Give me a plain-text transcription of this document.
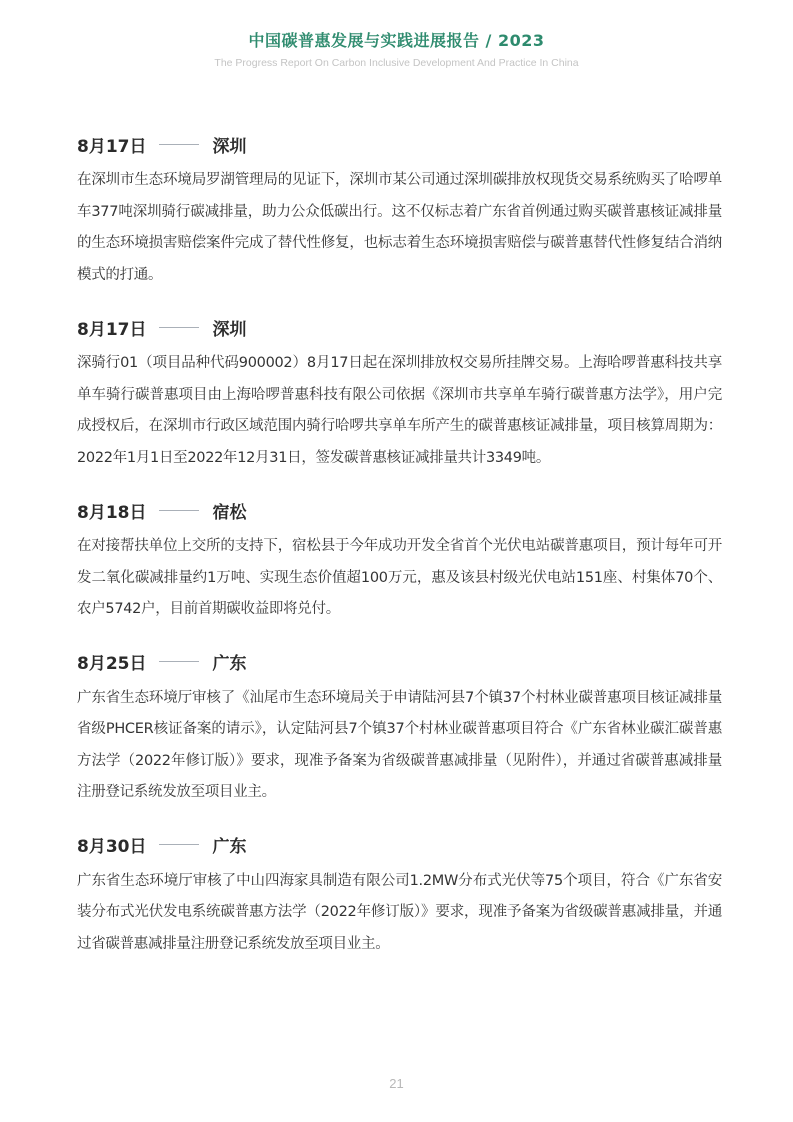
中国碳普惠发展与实践进展报告 / 2023
The Progress Report On Carbon Inclusive Development And Practice In China
8月17日	深圳
在深圳市生态环境局罗湖管理局的见证下，深圳市某公司通过深圳碳排放权现货交易系统购买了哈啰单车377吨深圳骑行碳减排量，助力公众低碳出行。这不仅标志着广东省首例通过购买碳普惠核证减排量的生态环境损害赔偿案件完成了替代性修复，也标志着生态环境损害赔偿与碳普惠替代性修复结合消纳模式的打通。
8月17日	深圳
深骑行01（项目品种代码900002）8月17日起在深圳排放权交易所挂牌交易。上海哈啰普惠科技共享单车骑行碳普惠项目由上海哈啰普惠科技有限公司依据《深圳市共享单车骑行碳普惠方法学》，用户完成授权后，在深圳市行政区域范围内骑行哈啰共享单车所产生的碳普惠核证减排量，项目核算周期为：2022年1月1日至2022年12月31日，签发碳普惠核证减排量共计3349吨。
8月18日	宿松
在对接帮扶单位上交所的支持下，宿松县于今年成功开发全省首个光伏电站碳普惠项目，预计每年可开发二氧化碳减排量约1万吨、实现生态价值超100万元，惠及该县村级光伏电站151座、村集体70个、农户5742户，目前首期碳收益即将兑付。
8月25日	广东
广东省生态环境厅审核了《汕尾市生态环境局关于申请陆河县7个镇37个村林业碳普惠项目核证减排量省级PHCER核证备案的请示》，认定陆河县7个镇37个村林业碳普惠项目符合《广东省林业碳汇碳普惠方法学（2022年修订版）》要求，现准予备案为省级碳普惠减排量（见附件），并通过省碳普惠减排量注册登记系统发放至项目业主。
8月30日	广东
广东省生态环境厅审核了中山四海家具制造有限公司1.2MW分布式光伏等75个项目，符合《广东省安装分布式光伏发电系统碳普惠方法学（2022年修订版）》要求，现准予备案为省级碳普惠减排量，并通过省碳普惠减排量注册登记系统发放至项目业主。
21
